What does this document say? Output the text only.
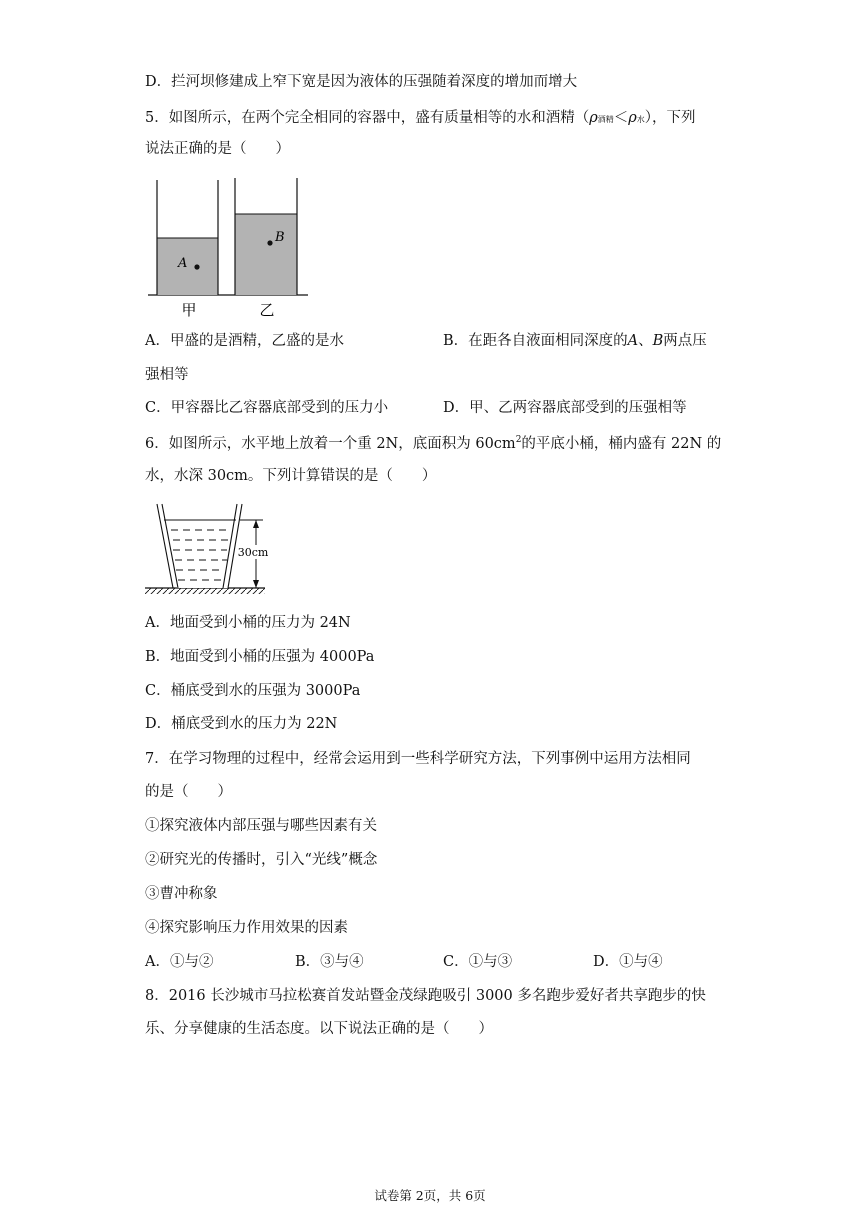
D．拦河坝修建成上窄下宽是因为液体的压强随着深度的增加而增大
5．如图所示，在两个完全相同的容器中，盛有质量相等的水和酒精（ρ酒精＜ρ水），下列
说法正确的是（　　）
A
B
甲	乙
A．甲盛的是酒精，乙盛的是水	B．在距各自液面相同深度的A、B两点压
强相等
C．甲容器比乙容器底部受到的压力小	D．甲、乙两容器底部受到的压强相等
6．如图所示，水平地上放着一个重 2N，底面积为 $60cm^2$的平底小桶，桶内盛有 22N 的
水，水深 30cm。下列计算错误的是（　　）
30cm
A．地面受到小桶的压力为 24N
B．地面受到小桶的压强为 4000Pa
C．桶底受到水的压强为 3000Pa
D．桶底受到水的压力为 22N
7．在学习物理的过程中，经常会运用到一些科学研究方法，下列事例中运用方法相同
的是（　　）
①探究液体内部压强与哪些因素有关
②研究光的传播时，引入“光线”概念
③曹冲称象
④探究影响压力作用效果的因素
A．①与②	B．③与④	C．①与③	D．①与④
8．2016 长沙城市马拉松赛首发站暨金茂绿跑吸引 3000 多名跑步爱好者共享跑步的快
乐、分享健康的生活态度。以下说法正确的是（　　）
试卷第 2页，共 6页
